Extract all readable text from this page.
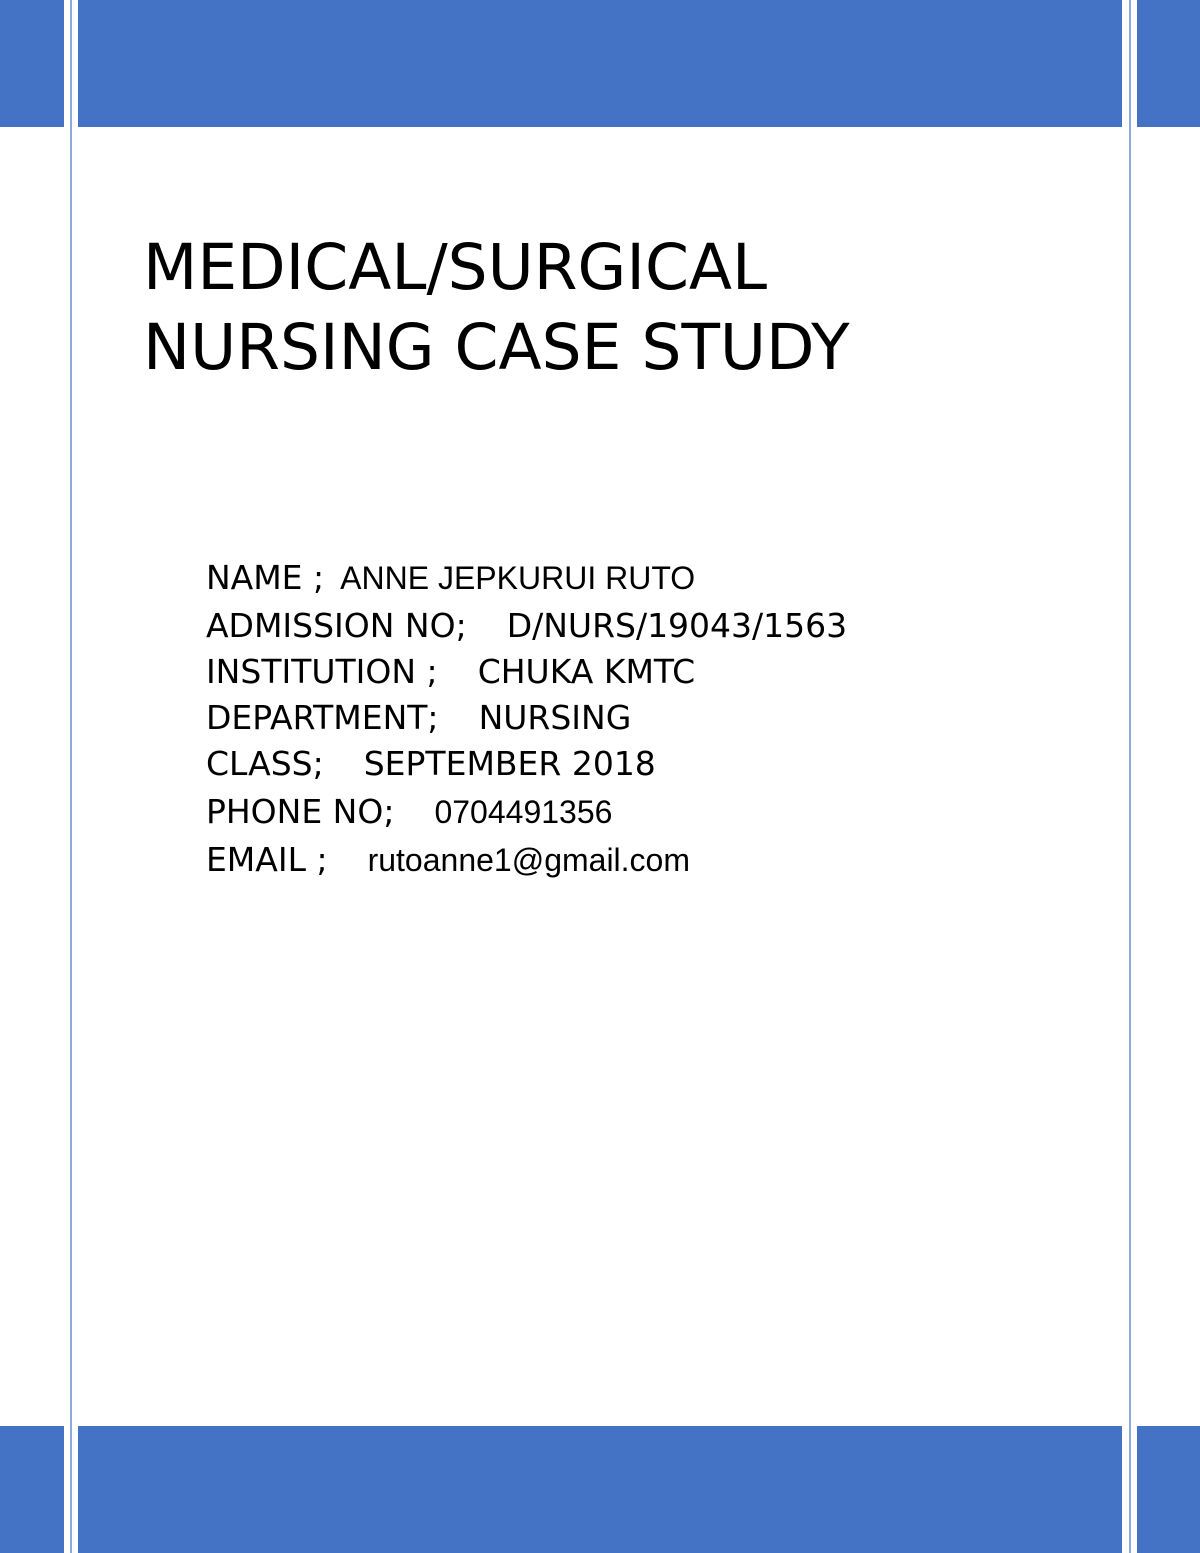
MEDICAL/SURGICAL
NURSING CASE STUDY

NAME ; ANNE JEPKURUI RUTO

ADMISSION NO; D/NURS/19043/1563

INSTITUTION ; CHUKA KMTC

DEPARTMENT; NURSING

CLASS; SEPTEMBER 2018

PHONE NO; 0704491356

EMAIL ; rutoanne1@gmail.com
